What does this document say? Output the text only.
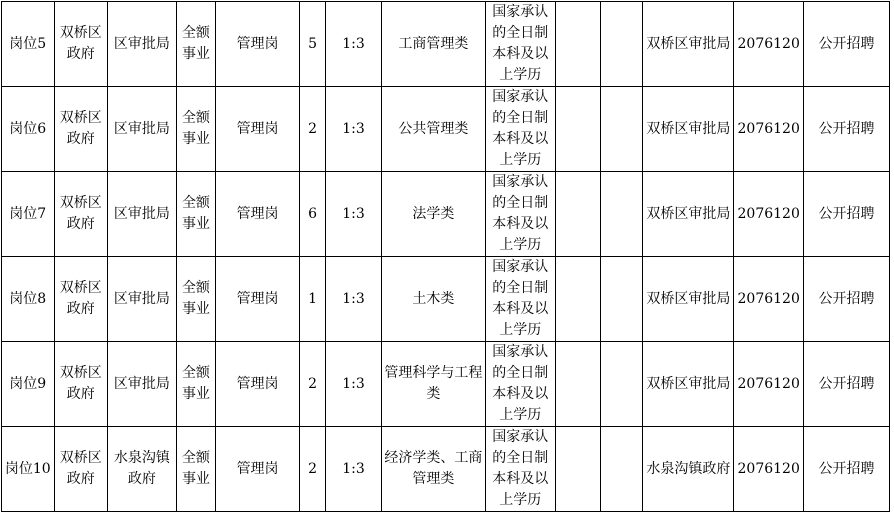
岗位5	双桥区政府	区审批局	全额事业	管理岗	5	1:3	工商管理类	国家承认的全日制本科及以上学历			双桥区审批局	2076120	公开招聘
岗位6	双桥区政府	区审批局	全额事业	管理岗	2	1:3	公共管理类	国家承认的全日制本科及以上学历			双桥区审批局	2076120	公开招聘
岗位7	双桥区政府	区审批局	全额事业	管理岗	6	1:3	法学类	国家承认的全日制本科及以上学历			双桥区审批局	2076120	公开招聘
岗位8	双桥区政府	区审批局	全额事业	管理岗	1	1:3	土木类	国家承认的全日制本科及以上学历			双桥区审批局	2076120	公开招聘
岗位9	双桥区政府	区审批局	全额事业	管理岗	2	1:3	管理科学与工程类	国家承认的全日制本科及以上学历			双桥区审批局	2076120	公开招聘
岗位10	双桥区政府	水泉沟镇政府	全额事业	管理岗	2	1:3	经济学类、工商管理类	国家承认的全日制本科及以上学历			水泉沟镇政府	2076120	公开招聘
